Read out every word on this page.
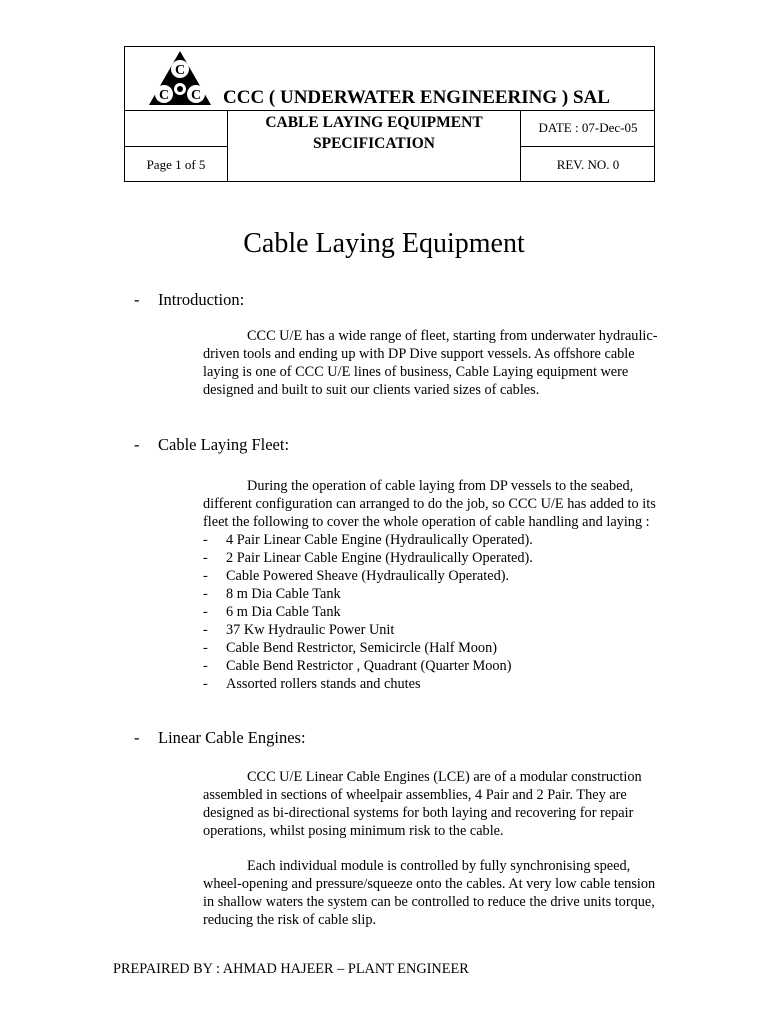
C
C C CCC ( UNDERWATER ENGINEERING ) SAL
CABLE LAYING EQUIPMENT
SPECIFICATION
DATE : 07-Dec-05
Page 1 of 5	REV. NO. 0
Cable Laying Equipment
- Introduction:
CCC U/E has a wide range of fleet, starting from underwater hydraulic-driven tools and ending up with DP Dive support vessels. As offshore cable laying is one of CCC U/E lines of business, Cable Laying equipment were designed and built to suit our clients varied sizes of cables.
- Cable Laying Fleet:
During the operation of cable laying from DP vessels to the seabed, different configuration can arranged to do the job, so CCC U/E has added to its fleet the following to cover the whole operation of cable handling and laying :
- 4 Pair Linear Cable Engine (Hydraulically Operated).
- 2 Pair Linear Cable Engine (Hydraulically Operated).
- Cable Powered Sheave (Hydraulically Operated).
- 8 m Dia Cable Tank
- 6 m Dia Cable Tank
- 37 Kw Hydraulic Power Unit
- Cable Bend Restrictor, Semicircle (Half Moon)
- Cable Bend Restrictor , Quadrant (Quarter Moon)
- Assorted rollers stands and chutes
- Linear Cable Engines:
CCC U/E Linear Cable Engines (LCE) are of a modular construction assembled in sections of wheelpair assemblies, 4 Pair and 2 Pair. They are designed as bi-directional systems for both laying and recovering for repair operations, whilst posing minimum risk to the cable.
Each individual module is controlled by fully synchronising speed, wheel-opening and pressure/squeeze onto the cables. At very low cable tension in shallow waters the system can be controlled to reduce the drive units torque, reducing the risk of cable slip.
PREPAIRED BY : AHMAD HAJEER – PLANT ENGINEER
